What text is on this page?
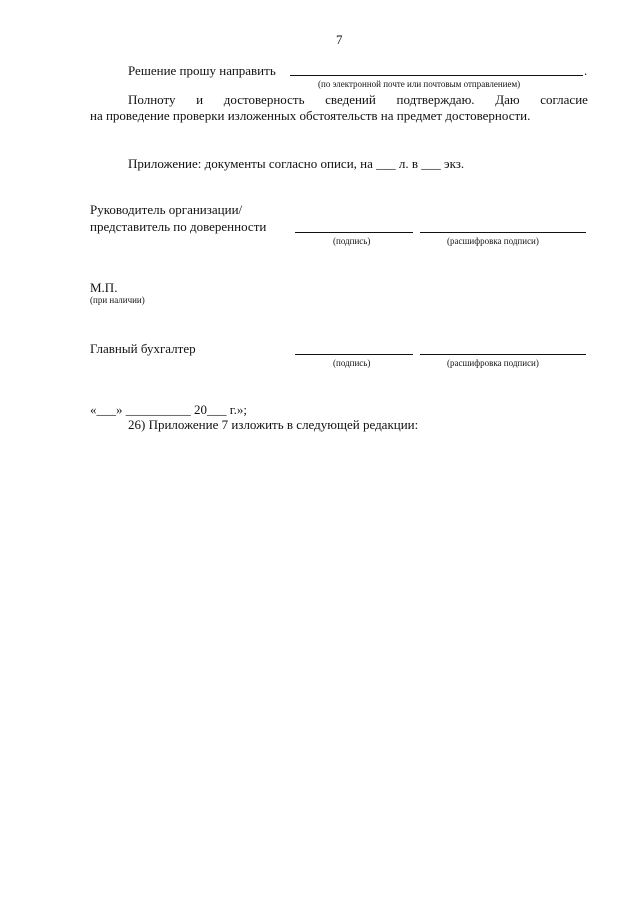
7
Решение прошу направить	.
(по электронной почте или почтовым отправлением)
Полноту и достоверность сведений подтверждаю. Даю согласие
на проведение проверки изложенных обстоятельств на предмет достоверности.
Приложение: документы согласно описи, на ___ л. в ___ экз.
Руководитель организации/
представитель по доверенности
(подпись)	(расшифровка подписи)
М.П.
(при наличии)
Главный бухгалтер
(подпись)	(расшифровка подписи)
«___» __________ 20___ г.»;
26) Приложение 7 изложить в следующей редакции:
